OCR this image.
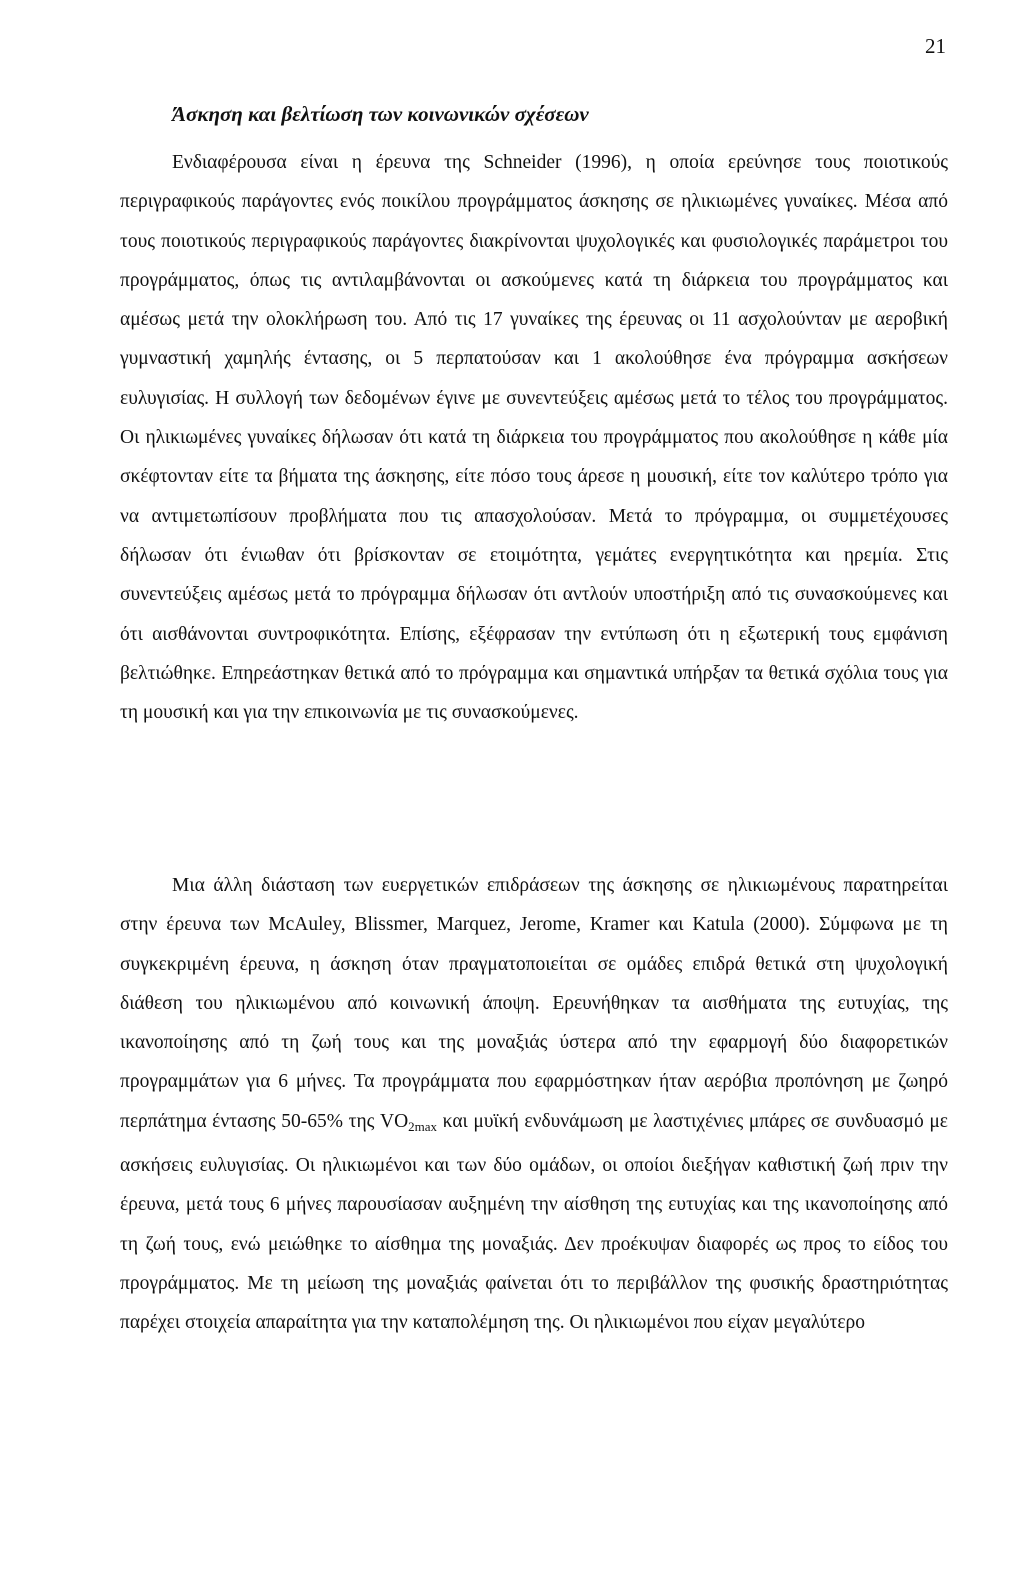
21
Άσκηση και βελτίωση των κοινωνικών σχέσεων

Ενδιαφέρουσα είναι η έρευνα της Schneider (1996), η οποία ερεύνησε τους ποιοτικούς περιγραφικούς παράγοντες ενός ποικίλου προγράμματος άσκησης σε ηλικιωμένες γυναίκες. Μέσα από τους ποιοτικούς περιγραφικούς παράγοντες διακρίνονται ψυχολογικές και φυσιολογικές παράμετροι του προγράμματος, όπως τις αντιλαμβάνονται οι ασκούμενες κατά τη διάρκεια του προγράμματος και αμέσως μετά την ολοκλήρωση του. Από τις 17 γυναίκες της έρευνας οι 11 ασχολούνταν με αεροβική γυμναστική χαμηλής έντασης, οι 5 περπατούσαν και 1 ακολούθησε ένα πρόγραμμα ασκήσεων ευλυγισίας. Η συλλογή των δεδομένων έγινε με συνεντεύξεις αμέσως μετά το τέλος του προγράμματος. Οι ηλικιωμένες γυναίκες δήλωσαν ότι κατά τη διάρκεια του προγράμματος που ακολούθησε η κάθε μία σκέφτονταν είτε τα βήματα της άσκησης, είτε πόσο τους άρεσε η μουσική, είτε τον καλύτερο τρόπο για να αντιμετωπίσουν προβλήματα που τις απασχολούσαν. Μετά το πρόγραμμα, οι συμμετέχουσες δήλωσαν ότι ένιωθαν ότι βρίσκονταν σε ετοιμότητα, γεμάτες ενεργητικότητα και ηρεμία. Στις συνεντεύξεις αμέσως μετά το πρόγραμμα δήλωσαν ότι αντλούν υποστήριξη από τις συνασκούμενες και ότι αισθάνονται συντροφικότητα. Επίσης, εξέφρασαν την εντύπωση ότι η εξωτερική τους εμφάνιση βελτιώθηκε. Επηρεάστηκαν θετικά από το πρόγραμμα και σημαντικά υπήρξαν τα θετικά σχόλια τους για τη μουσική και για την επικοινωνία με τις συνασκούμενες.

Μια άλλη διάσταση των ευεργετικών επιδράσεων της άσκησης σε ηλικιωμένους παρατηρείται στην έρευνα των McAuley, Blissmer, Marquez, Jerome, Kramer και Katula (2000). Σύμφωνα με τη συγκεκριμένη έρευνα, η άσκηση όταν πραγματοποιείται σε ομάδες επιδρά θετικά στη ψυχολογική διάθεση του ηλικιωμένου από κοινωνική άποψη. Ερευνήθηκαν τα αισθήματα της ευτυχίας, της ικανοποίησης από τη ζωή τους και της μοναξιάς ύστερα από την εφαρμογή δύο διαφορετικών προγραμμάτων για 6 μήνες. Τα προγράμματα που εφαρμόστηκαν ήταν αερόβια προπόνηση με ζωηρό περπάτημα έντασης 50-65% της $VO_{2max}$ και μυϊκή ενδυνάμωση με λαστιχένιες μπάρες σε συνδυασμό με ασκήσεις ευλυγισίας. Οι ηλικιωμένοι και των δύο ομάδων, οι οποίοι διεξήγαν καθιστική ζωή πριν την έρευνα, μετά τους 6 μήνες παρουσίασαν αυξημένη την αίσθηση της ευτυχίας και της ικανοποίησης από τη ζωή τους, ενώ μειώθηκε το αίσθημα της μοναξιάς. Δεν προέκυψαν διαφορές ως προς το είδος του προγράμματος. Με τη μείωση της μοναξιάς φαίνεται ότι το περιβάλλον της φυσικής δραστηριότητας παρέχει στοιχεία απαραίτητα για την καταπολέμηση της. Οι ηλικιωμένοι που είχαν μεγαλύτερο
